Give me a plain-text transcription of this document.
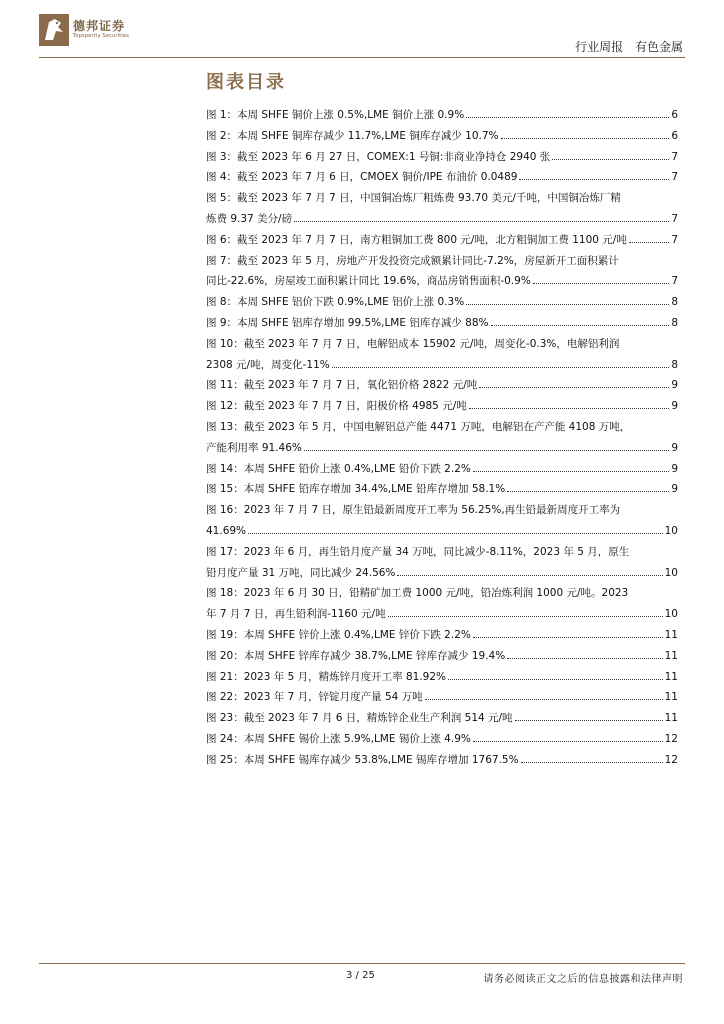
德邦证券
Topsperity Securities
行业周报 有色金属
图表目录
图 1：本周 SHFE 铜价上涨 0.5%,LME 铜价上涨 0.9%	6
图 2：本周 SHFE 铜库存减少 11.7%,LME 铜库存减少 10.7%	6
图 3：截至 2023 年 6 月 27 日，COMEX:1 号铜:非商业净持仓 2940 张	7
图 4：截至 2023 年 7 月 6 日，CMOEX 铜价/IPE 布油价 0.0489	7
图 5：截至 2023 年 7 月 7 日，中国铜冶炼厂粗炼费 93.70 美元/千吨，中国铜冶炼厂精
炼费 9.37 美分/磅	7
图 6：截至 2023 年 7 月 7 日，南方粗铜加工费 800 元/吨，北方粗铜加工费 1100 元/吨	7
图 7：截至 2023 年 5 月，房地产开发投资完成额累计同比-7.2%，房屋新开工面积累计
同比-22.6%，房屋竣工面积累计同比 19.6%，商品房销售面积-0.9%	7
图 8：本周 SHFE 铝价下跌 0.9%,LME 铝价上涨 0.3%	8
图 9：本周 SHFE 铝库存增加 99.5%,LME 铝库存减少 88%	8
图 10：截至 2023 年 7 月 7 日，电解铝成本 15902 元/吨，周变化-0.3%，电解铝利润
2308 元/吨，周变化-11%	8
图 11：截至 2023 年 7 月 7 日，氧化铝价格 2822 元/吨	9
图 12：截至 2023 年 7 月 7 日，阳极价格 4985 元/吨	9
图 13：截至 2023 年 5 月，中国电解铝总产能 4471 万吨，电解铝在产产能 4108 万吨，
产能利用率 91.46%	9
图 14：本周 SHFE 铅价上涨 0.4%,LME 铅价下跌 2.2%	9
图 15：本周 SHFE 铅库存增加 34.4%,LME 铅库存增加 58.1%	9
图 16：2023 年 7 月 7 日，原生铅最新周度开工率为 56.25%,再生铅最新周度开工率为
41.69%	10
图 17：2023 年 6 月，再生铅月度产量 34 万吨，同比减少-8.11%，2023 年 5 月，原生
铅月度产量 31 万吨，同比减少 24.56%	10
图 18：2023 年 6 月 30 日，铅精矿加工费 1000 元/吨，铅冶炼利润 1000 元/吨。2023
年 7 月 7 日，再生铅利润-1160 元/吨	10
图 19：本周 SHFE 锌价上涨 0.4%,LME 锌价下跌 2.2%	11
图 20：本周 SHFE 锌库存减少 38.7%,LME 锌库存减少 19.4%	11
图 21：2023 年 5 月，精炼锌月度开工率 81.92%	11
图 22：2023 年 7 月，锌锭月度产量 54 万吨	11
图 23：截至 2023 年 7 月 6 日，精炼锌企业生产利润 514 元/吨	11
图 24：本周 SHFE 锡价上涨 5.9%,LME 锡价上涨 4.9%	12
图 25：本周 SHFE 锡库存减少 53.8%,LME 锡库存增加 1767.5%	12
3 / 25	请务必阅读正文之后的信息披露和法律声明
